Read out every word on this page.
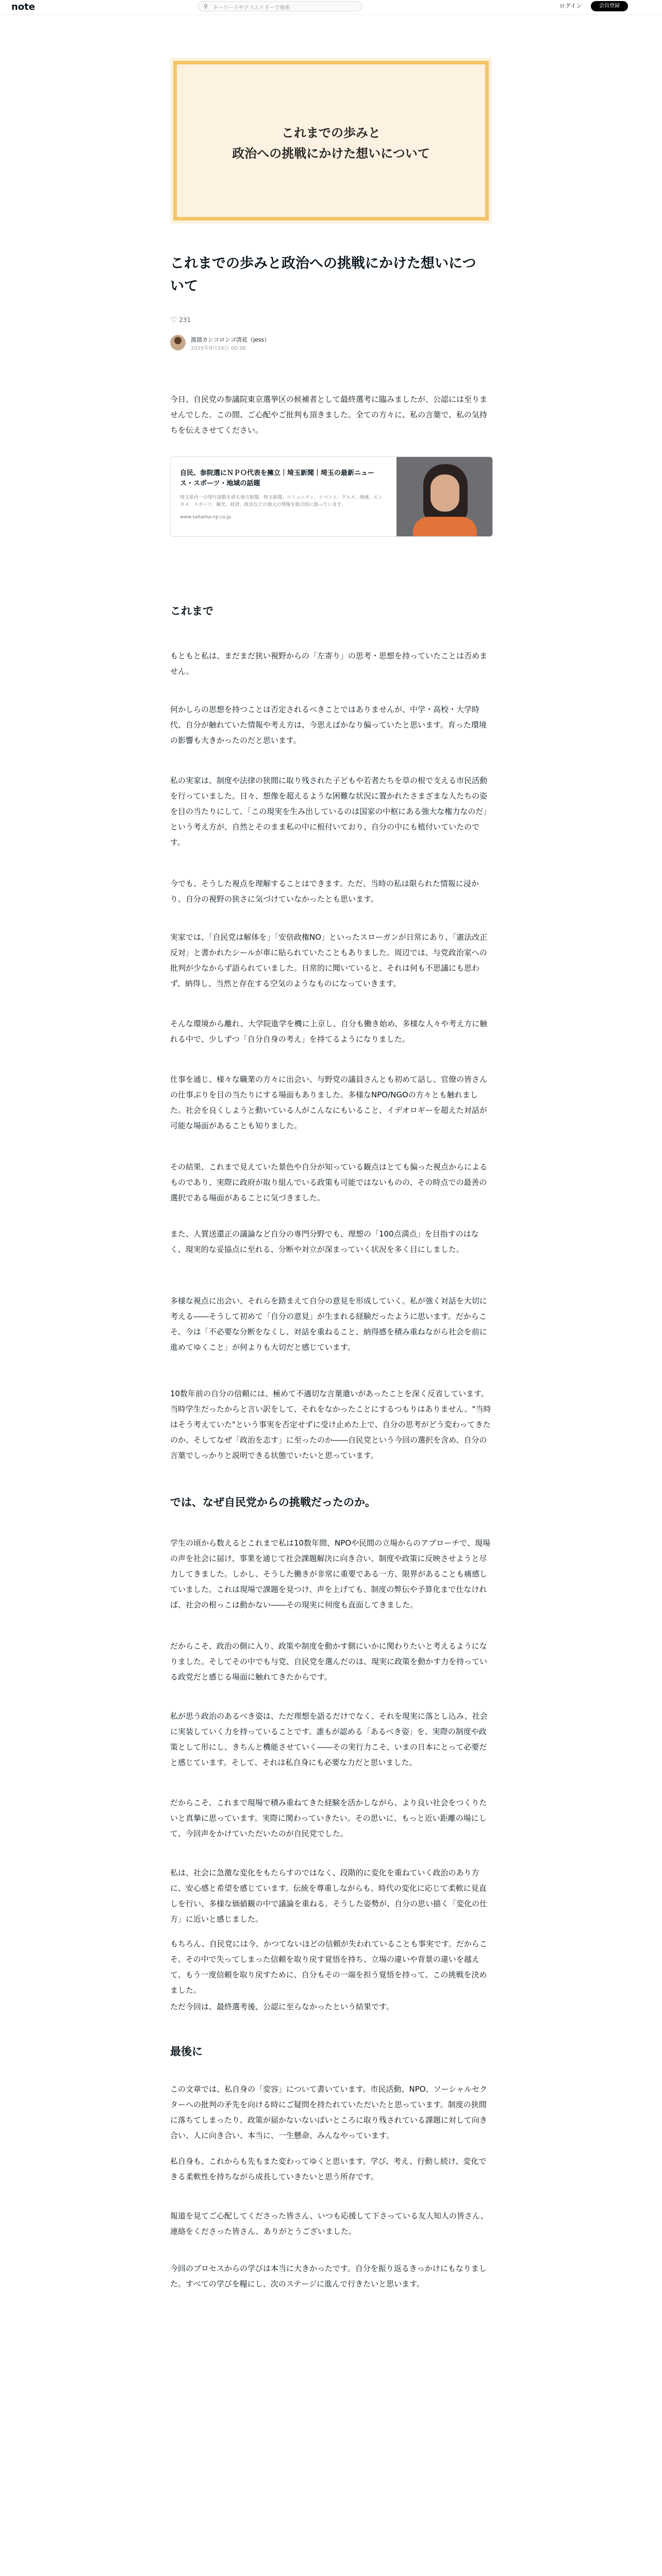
note	⚲ キーワードやクリエイターで検索	ログイン	会員登録
これまでの歩みと
政治への挑戦にかけた想いについて
これまでの歩みと政治への挑戦にかけた想いについて
♡ 231
渡部カンコロンゴ清花（jess）
2025年9月24日 00:38

今日、自民党の参議院東京選挙区の候補者として最終選考に臨みましたが、公認には至りませんでした。この間、ご心配やご批判も頂きました。全ての方々に、私の言葉で、私の気持ちを伝えさせてください。

自民、参院選にＮＰＯ代表を擁立｜埼玉新聞｜埼玉の最新ニュース・スポーツ・地域の話題
埼玉県内一の発行部数を誇る地方新聞、埼玉新聞。コミュニティ、イベント、グルメ、地域、エンタメ、スポーツ、観光、経済、政治などの地元の情報を総合的に扱っています。
www.saitama-np.co.jp
これまで

もともと私は、まだまだ狭い視野からの「左寄り」の思考・思想を持っていたことは否めません。

何かしらの思想を持つことは否定されるべきことではありませんが、中学・高校・大学時代、自分が触れていた情報や考え方は、今思えばかなり偏っていたと思います。育った環境の影響も大きかったのだと思います。

私の実家は、制度や法律の狭間に取り残された子どもや若者たちを草の根で支える市民活動を行っていました。日々、想像を超えるような困難な状況に置かれたさまざまな人たちの姿を目の当たりにして、「この現実を生み出しているのは国家の中枢にある強大な権力なのだ」という考え方が、自然とそのまま私の中に根付いており、自分の中にも植付いていたのです。

今でも、そうした視点を理解することはできます。ただ、当時の私は限られた情報に浸かり、自分の視野の狭さに気づけていなかったとも思います。

実家では、「自民党は解体を」「安倍政権NO」といったスローガンが日常にあり、「憲法改正反対」と書かれたシールが車に貼られていたこともありました。周辺では、与党政治家への批判が少なからず語られていました。日常的に聞いていると、それは何も不思議にも思わず、納得し、当然と存在する空気のようなものになっていきます。

そんな環境から離れ、大学院進学を機に上京し、自分も働き始め、多様な人々や考え方に触れる中で、少しずつ「自分自身の考え」を持てるようになりました。

仕事を通じ、様々な職業の方々に出会い、与野党の議員さんとも初めて話し、官僚の皆さんの仕事ぶりを目の当たりにする場面もありました。多様なNPO/NGOの方々とも触れました。社会を良くしようと動いている人がこんなにもいること、イデオロギーを超えた対話が可能な場面があることも知りました。

その結果、これまで見えていた景色や自分が知っている観点はとても偏った視点からによるものであり、実際に政府が取り組んでいる政策も可能ではないものの、その時点での最善の選択である場面があることに気づきました。

また、人質送還正の議論など自分の専門分野でも、理想の「100点満点」を目指すのはなく、現実的な妥協点に至れる、分断や対立が深まっていく状況を多く目にしました。

多様な視点に出会い、それらを踏まえて自分の意見を形成していく。私が強く対話を大切に考える――そうして初めて「自分の意見」が生まれる経験だったように思います。だからこそ、今は「不必要な分断をなくし、対話を重ねること、納得感を積み重ねながら社会を前に進めてゆくこと」が何よりも大切だと感じています。

10数年前の自分の信頼には、極めて不適切な言葉遣いがあったことを深く反省しています。当時学生だったからと言い訳をして、それをなかったことにするつもりはありません。"当時はそう考えていた"という事実を否定せずに受け止めた上で、自分の思考がどう変わってきたのか。そしてなぜ「政治を志す」に至ったのか――自民党という今回の選択を含め、自分の言葉でしっかりと説明できる状態でいたいと思っています。

では、なぜ自民党からの挑戦だったのか。

学生の頃から数えるとこれまで私は10数年間、NPOや民間の立場からのアプローチで、現場の声を社会に届け、事業を通じて社会課題解決に向き合い、制度や政策に反映させようと尽力してきました。しかし、そうした働きが非常に重要である一方、限界があることも痛感していました。これは現場で課題を見つけ、声を上げても、制度の弊伝や予算化まで仕なければ、社会の根っこは動かない――その現実に何度も直面してきました。

だからこそ、政治の側に入り、政策や制度を動かす側にいかに関わりたいと考えるようになりました。そしてその中でも与党、自民党を選んだのは、現実に政策を動かす力を持っている政党だと感じる場面に触れてきたからです。

私が思う政治のあるべき姿は、ただ理想を語るだけでなく、それを現実に落とし込み、社会に実装していく力を持っていることです。誰もが認める「あるべき姿」を、実際の制度や政策として形にし、きちんと機能させていく――その実行力こそ、いまの日本にとって必要だと感じています。そして、それは私自身にも必要な力だと思いました。

だからこそ、これまで現場で積み重ねてきた経験を活かしながら、より良い社会をつくりたいと真摯に思っています。実際に関わっていきたい。その思いに、もっと近い距離の場にして、今回声をかけていただいたのが自民党でした。

私は、社会に急激な変化をもたらすのではなく、段階的に変化を重ねていく政治のあり方に、安心感と希望を感じています。伝統を尊重しながらも、時代の変化に応じて柔軟に見直しを行い、多様な価値観の中で議論を重ねる。そうした姿勢が、自分の思い描く「変化の仕方」に近いと感じました。

もちろん、自民党には今、かつてないほどの信頼が失われていることも事実です。だからこそ、その中で失ってしまった信頼を取り戻す覚悟を持ち、立場の違いや背景の違いを越えて、もう一度信頼を取り戻すために、自分もその一端を担う覚悟を持って、この挑戦を決めました。

ただ今回は、最終選考後、公認に至らなかったという結果です。

最後に

この文章では、私自身の「変容」について書いています。市民活動、NPO、ソーシャルセクターへの批判の矛先を向ける時にご疑問を持たれていただいたと思っています。制度の狭間に落ちてしまったり、政策が届かないないばいところに取り残されている課題に対して向き合い、人に向き合い、本当に、一生懸命、みんなやっています。

私自身も、これからも先もまた変わってゆくと思います。学び、考え、行動し続け、変化できる柔軟性を持ちながら成長していきたいと思う所存です。

報道を見てご心配してくださった皆さん、いつも応援して下さっている友人知人の皆さん、連絡をくださった皆さん、ありがとうございました。

今回のプロセスからの学びは本当に大きかったです。自分を振り返るきっかけにもなりました。すべての学びを糧にし、次のステージに進んで行きたいと思います。
